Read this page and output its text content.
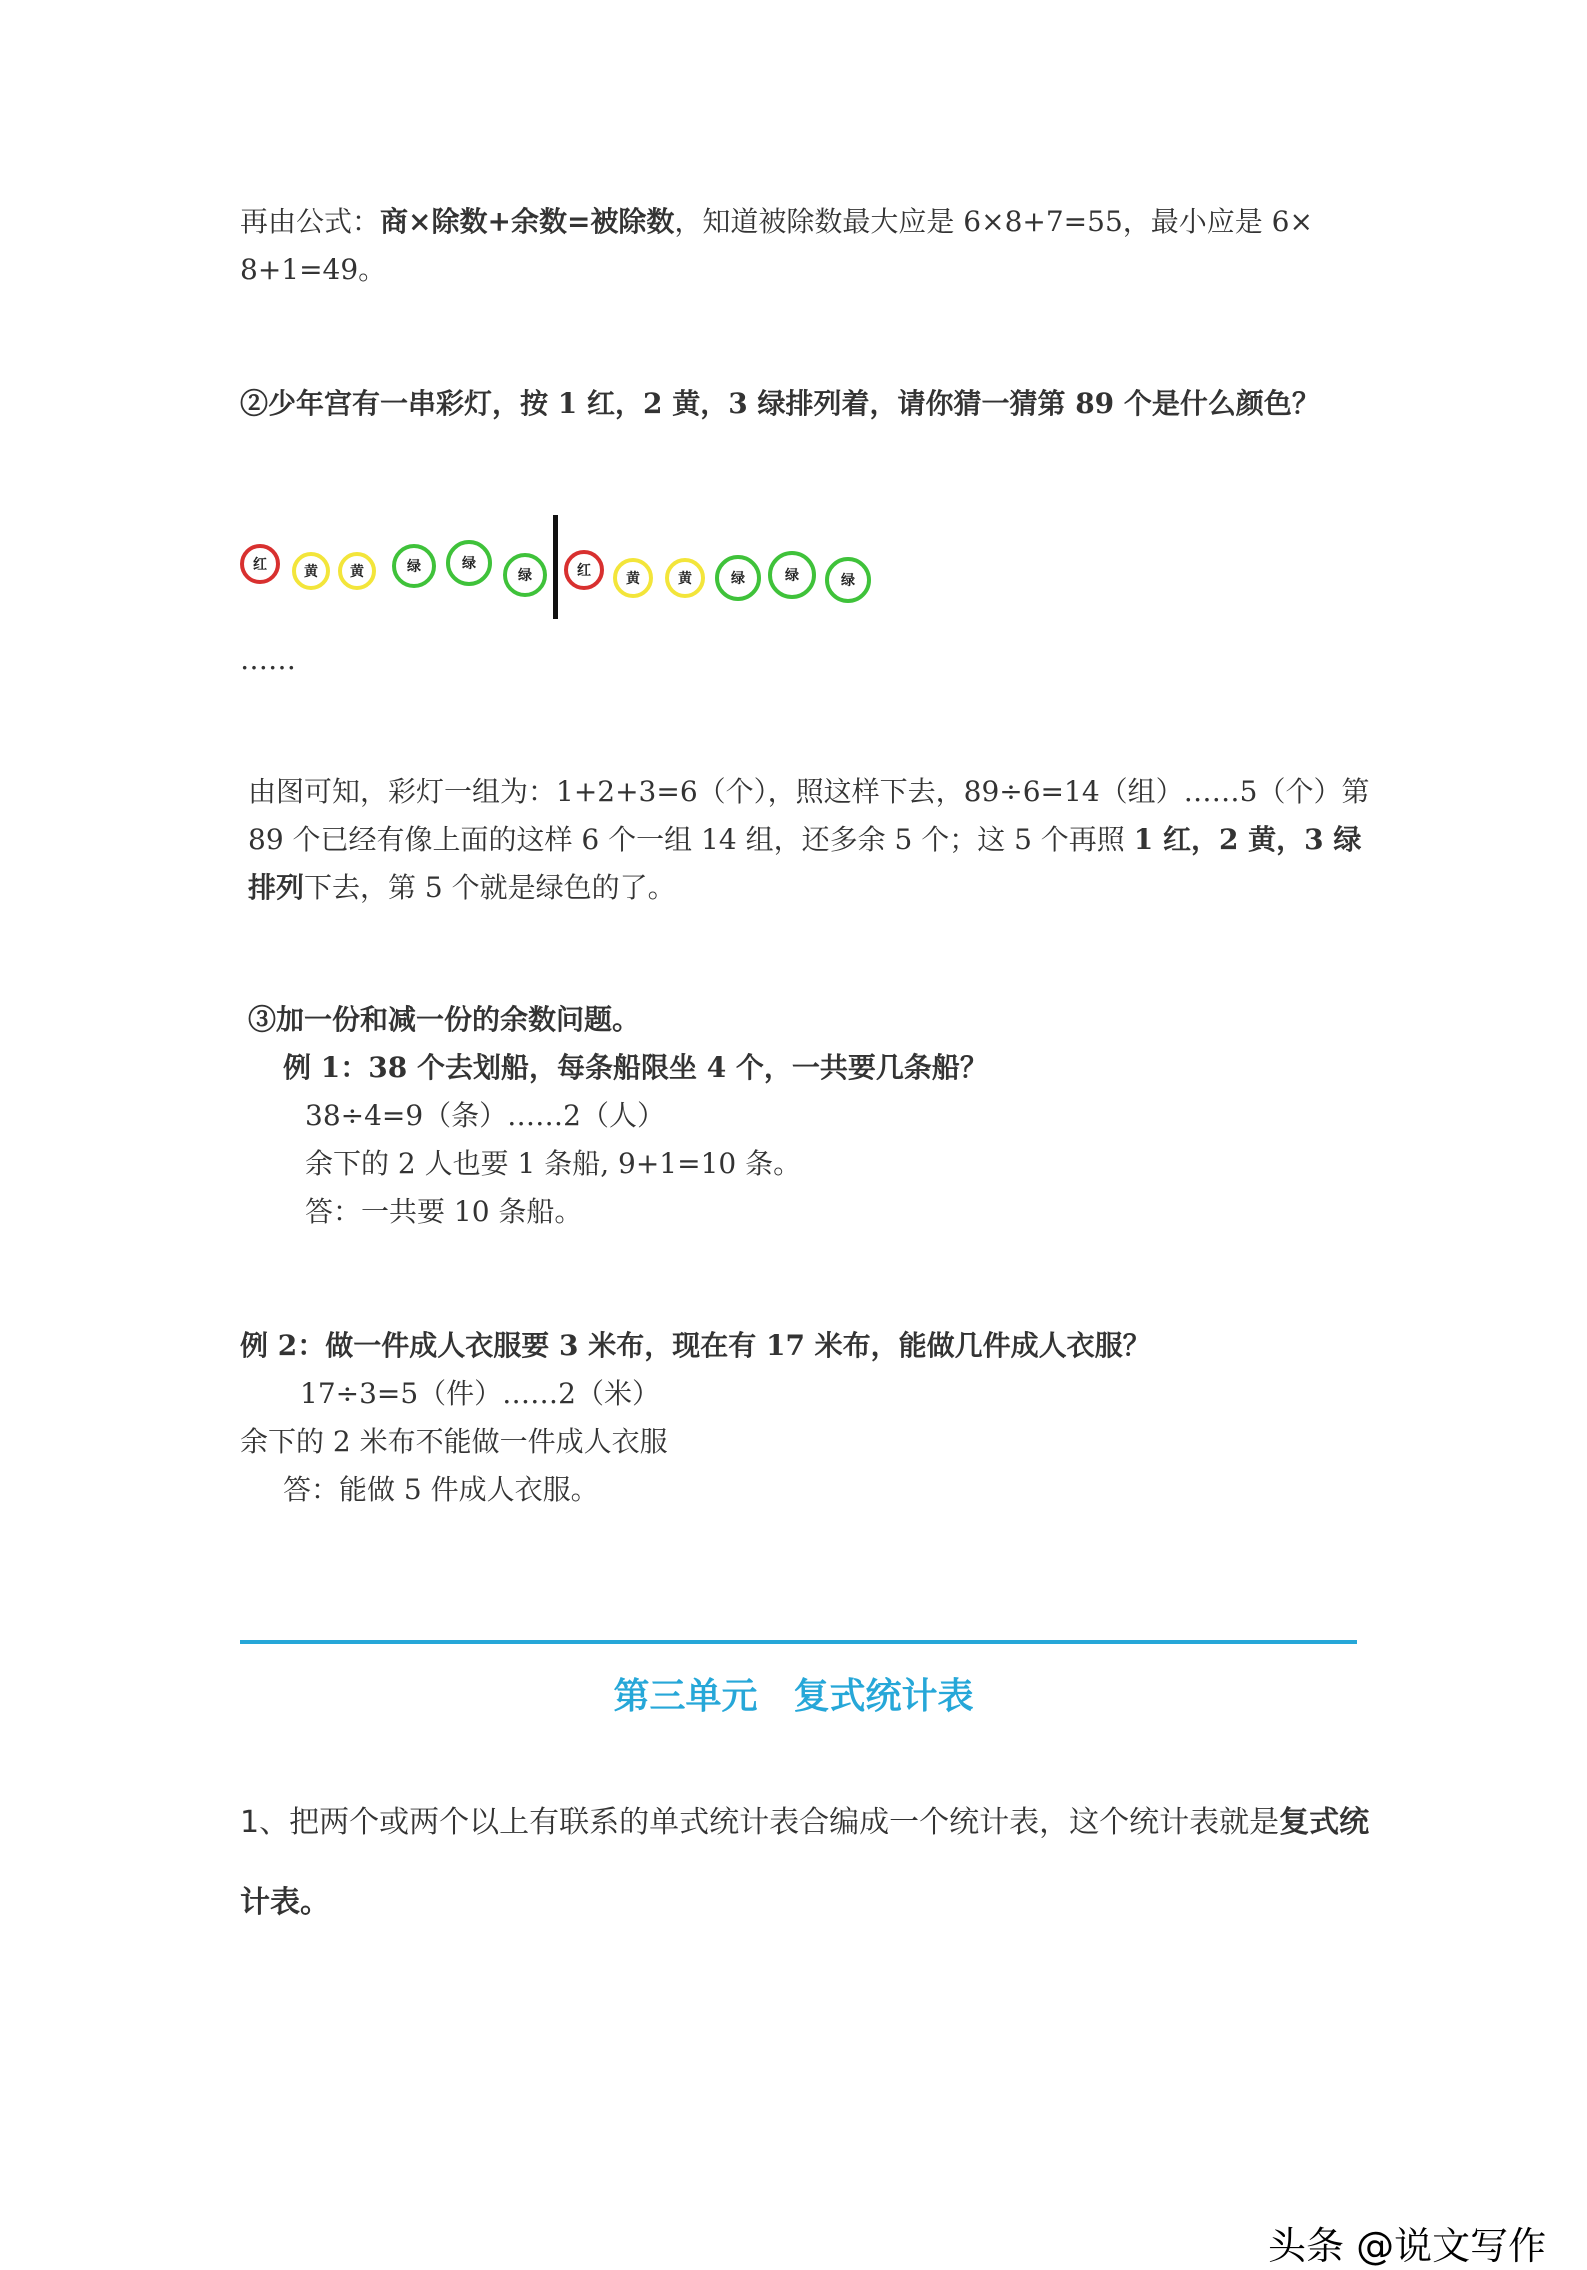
再由公式：商×除数+余数=被除数，知道被除数最大应是 6×8+7=55，最小应是 6×
8+1=49。
②少年宫有一串彩灯，按 1 红，2 黄，3 绿排列着，请你猜一猜第 89 个是什么颜色？
红	黄 黄	绿	绿
绿	红	黄	黄	绿	绿	绿
……
由图可知，彩灯一组为：1+2+3=6（个），照这样下去，89÷6=14（组）……5（个）第
89 个已经有像上面的这样 6 个一组 14 组，还多余 5 个；这 5 个再照 1 红，2 黄，3 绿
排列下去，第 5 个就是绿色的了。
③加一份和减一份的余数问题。
例 1：38 个去划船，每条船限坐 4 个，一共要几条船？
38÷4=9（条）……2（人）
余下的 2 人也要 1 条船, 9+1=10 条。
答：一共要 10 条船。
例 2：做一件成人衣服要 3 米布，现在有 17 米布，能做几件成人衣服？
17÷3=5（件）……2（米）
余下的 2 米布不能做一件成人衣服
答：能做 5 件成人衣服。
第三单元　复式统计表
1、把两个或两个以上有联系的单式统计表合编成一个统计表，这个统计表就是复式统
计表。
头条 @说文写作
